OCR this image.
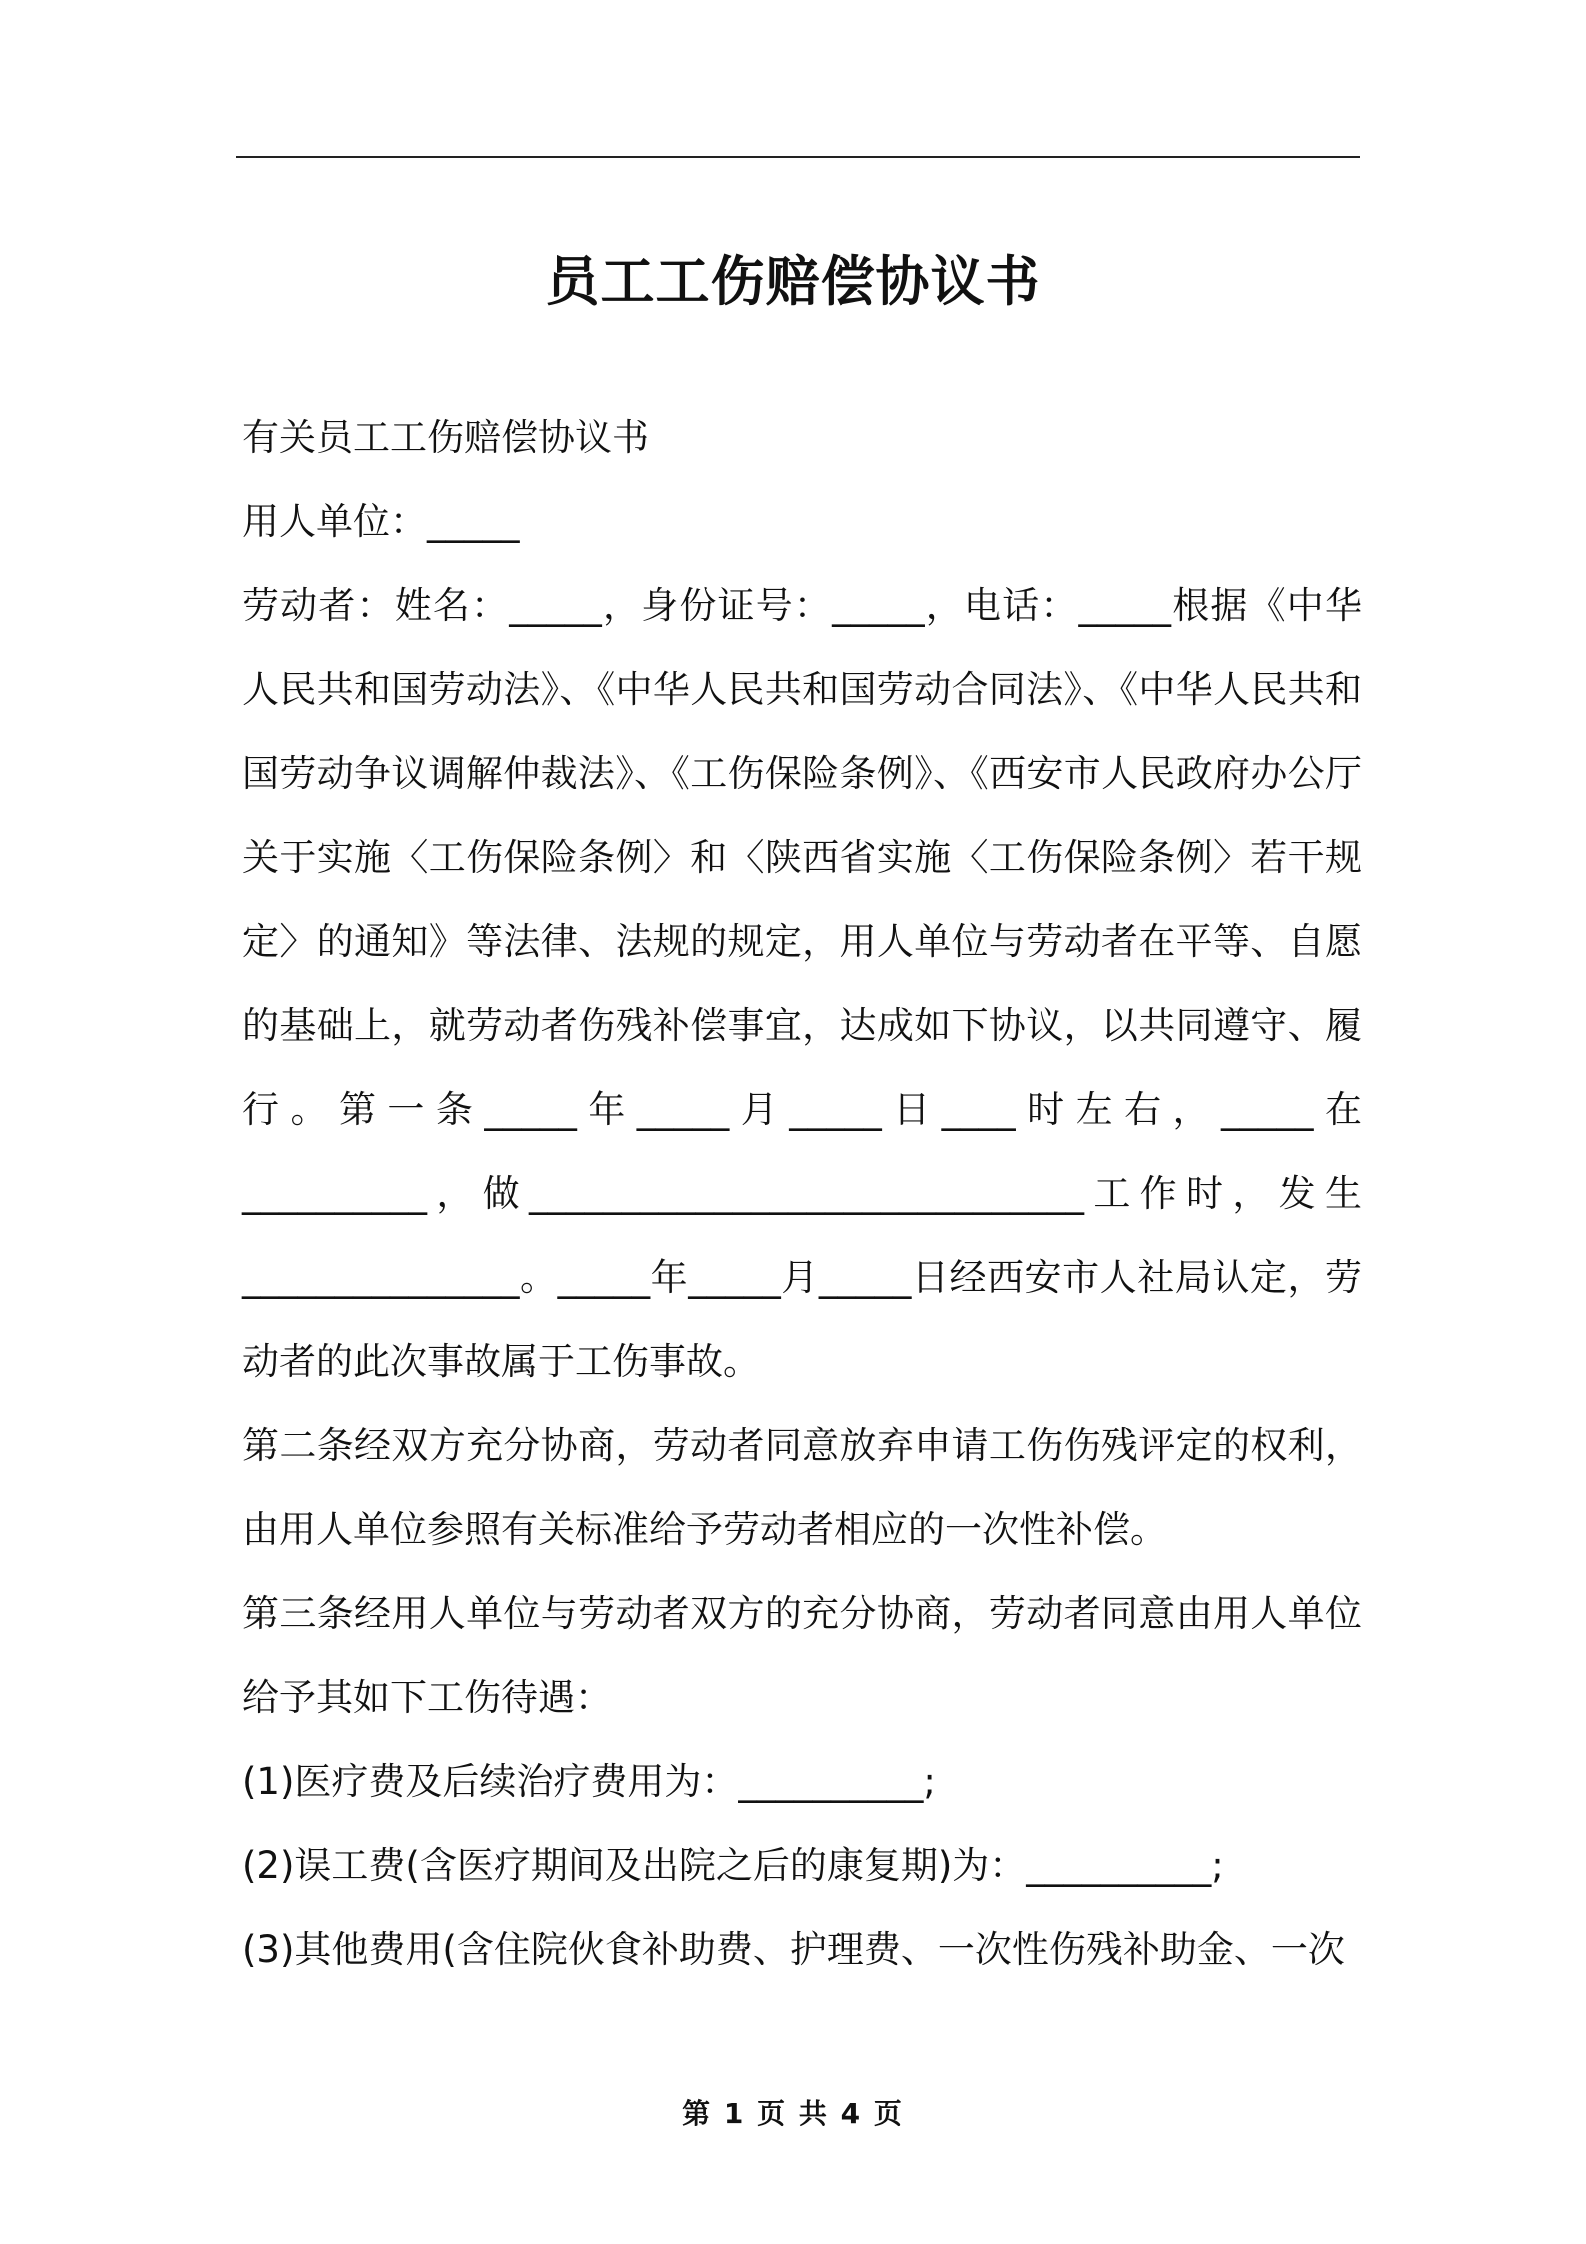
员工工伤赔偿协议书

有关员工工伤赔偿协议书

用人单位：_____

劳动者：姓名：_____，身份证号：_____，电话：_____根据《中华人民共和国劳动法》、《中华人民共和国劳动合同法》、《中华人民共和国劳动争议调解仲裁法》、《工伤保险条例》、《西安市人民政府办公厅关于实施〈工伤保险条例〉和〈陕西省实施〈工伤保险条例〉若干规定〉的通知》等法律、法规的规定，用人单位与劳动者在平等、自愿的基础上，就劳动者伤残补偿事宜，达成如下协议，以共同遵守、履行。第一条_____年_____月_____日____时左右，_____在__________，做______________________________工作时，发生_______________。_____年_____月_____日经西安市人社局认定，劳动者的此次事故属于工伤事故。

第二条经双方充分协商，劳动者同意放弃申请工伤伤残评定的权利，由用人单位参照有关标准给予劳动者相应的一次性补偿。

第三条经用人单位与劳动者双方的充分协商，劳动者同意由用人单位给予其如下工伤待遇：

(1)医疗费及后续治疗费用为：__________;

(2)误工费(含医疗期间及出院之后的康复期)为：__________;

(3)其他费用(含住院伙食补助费、护理费、一次性伤残补助金、一次

第 1 页 共 4 页
